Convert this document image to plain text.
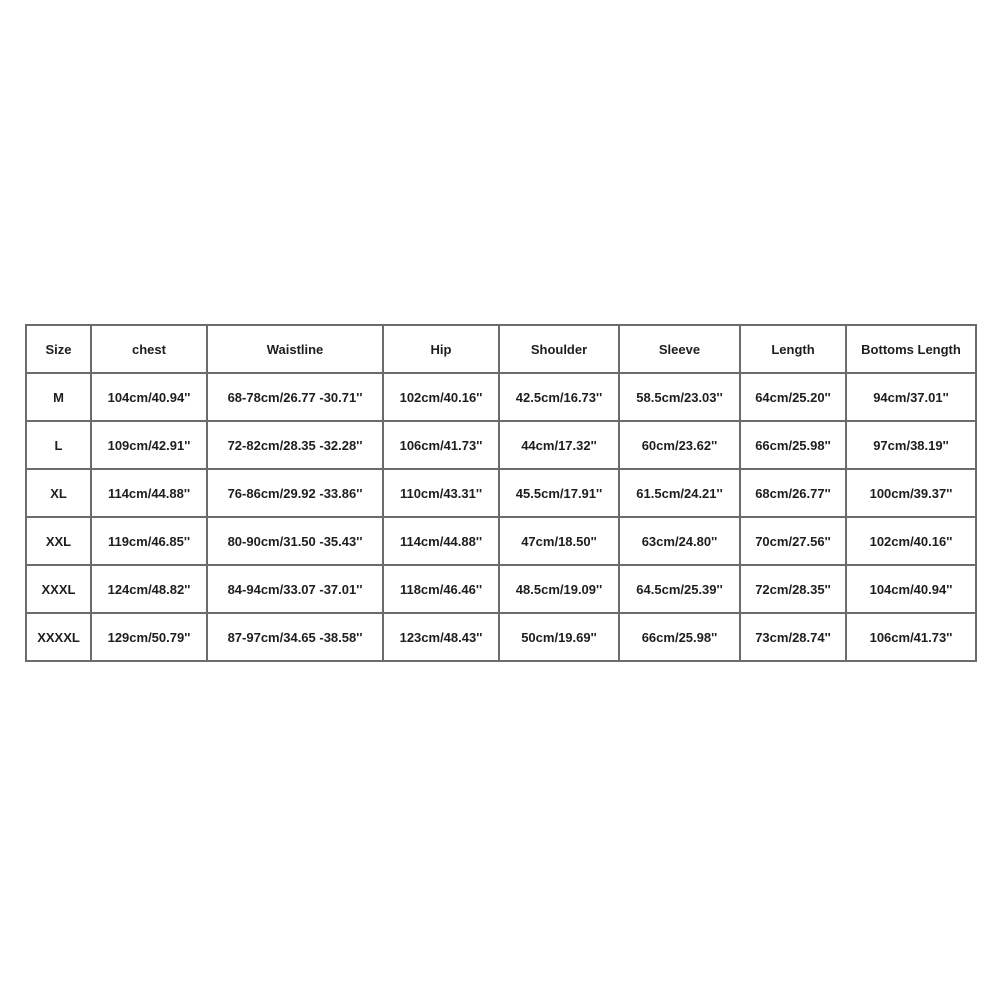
Size	chest	Waistline	Hip	Shoulder	Sleeve	Length	Bottoms Length
M	104cm/40.94''	68-78cm/26.77 -30.71''	102cm/40.16''	42.5cm/16.73''	58.5cm/23.03''	64cm/25.20''	94cm/37.01''
L	109cm/42.91''	72-82cm/28.35 -32.28''	106cm/41.73''	44cm/17.32''	60cm/23.62''	66cm/25.98''	97cm/38.19''
XL	114cm/44.88''	76-86cm/29.92 -33.86''	110cm/43.31''	45.5cm/17.91''	61.5cm/24.21''	68cm/26.77''	100cm/39.37''
XXL	119cm/46.85''	80-90cm/31.50 -35.43''	114cm/44.88''	47cm/18.50''	63cm/24.80''	70cm/27.56''	102cm/40.16''
XXXL	124cm/48.82''	84-94cm/33.07 -37.01''	118cm/46.46''	48.5cm/19.09''	64.5cm/25.39''	72cm/28.35''	104cm/40.94''
XXXXL	129cm/50.79''	87-97cm/34.65 -38.58''	123cm/48.43''	50cm/19.69''	66cm/25.98''	73cm/28.74''	106cm/41.73''
